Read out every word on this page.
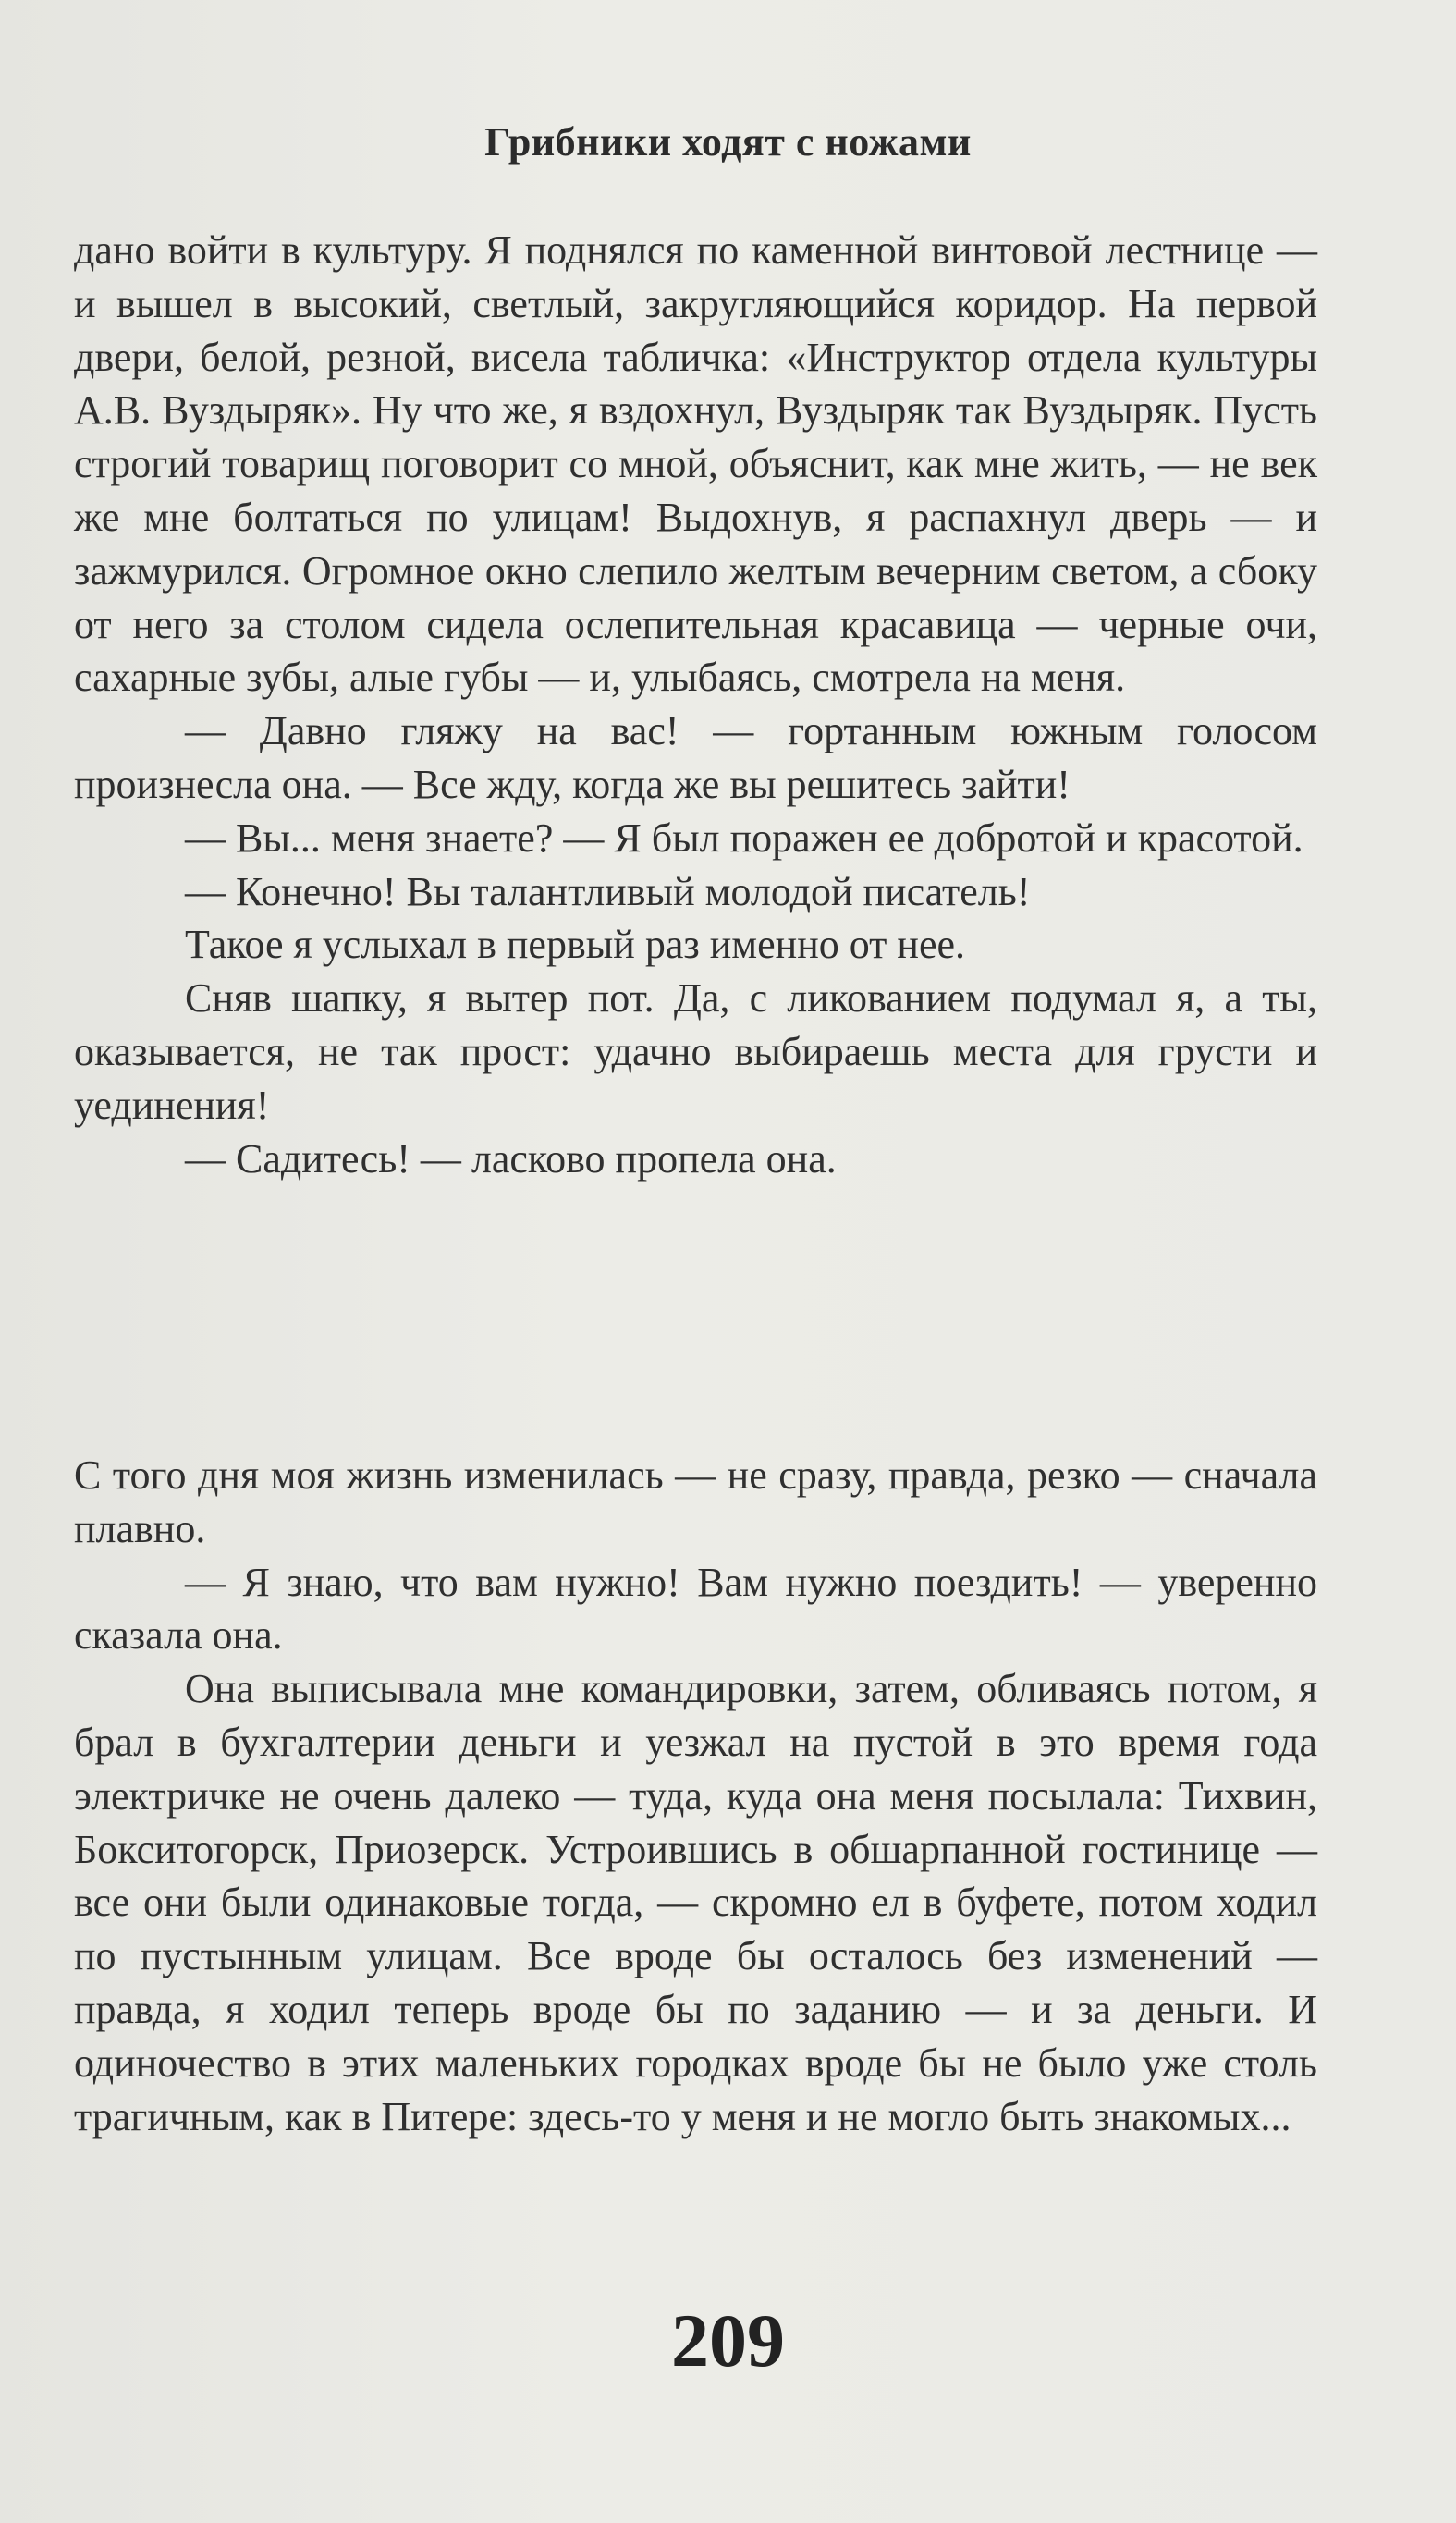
Грибники ходят с ножами

дано войти в культуру. Я поднялся по каменной винтовой лестнице — и вышел в высокий, светлый, закругляющийся коридор. На первой двери, белой, резной, висела табличка: «Инструктор отдела культуры А.В. Вуздыряк». Ну что же, я вздохнул, Вуздыряк так Вуздыряк. Пусть строгий товарищ поговорит со мной, объяснит, как мне жить, — не век же мне болтаться по улицам! Выдохнув, я распахнул дверь — и зажмурился. Огромное окно слепило желтым вечерним светом, а сбоку от него за столом сидела ослепительная красавица — черные очи, сахарные зубы, алые губы — и, улыбаясь, смотрела на меня.

— Давно гляжу на вас! — гортанным южным голосом произнесла она. — Все жду, когда же вы решитесь зайти!

— Вы... меня знаете? — Я был поражен ее добротой и красотой.

— Конечно! Вы талантливый молодой писатель!

Такое я услыхал в первый раз именно от нее.

Сняв шапку, я вытер пот. Да, с ликованием подумал я, а ты, оказывается, не так прост: удачно выбираешь места для грусти и уединения!

— Садитесь! — ласково пропела она.

С того дня моя жизнь изменилась — не сразу, правда, резко — сначала плавно.

— Я знаю, что вам нужно! Вам нужно поездить! — уверенно сказала она.

Она выписывала мне командировки, затем, обливаясь потом, я брал в бухгалтерии деньги и уезжал на пустой в это время года электричке не очень далеко — туда, куда она меня посылала: Тихвин, Бокситогорск, Приозерск. Устроившись в обшарпанной гостинице — все они были одинаковые тогда, — скромно ел в буфете, потом ходил по пустынным улицам. Все вроде бы осталось без изменений — правда, я ходил теперь вроде бы по заданию — и за деньги. И одиночество в этих маленьких городках вроде бы не было уже столь трагичным, как в Питере: здесь-то у меня и не могло быть знакомых...

209
